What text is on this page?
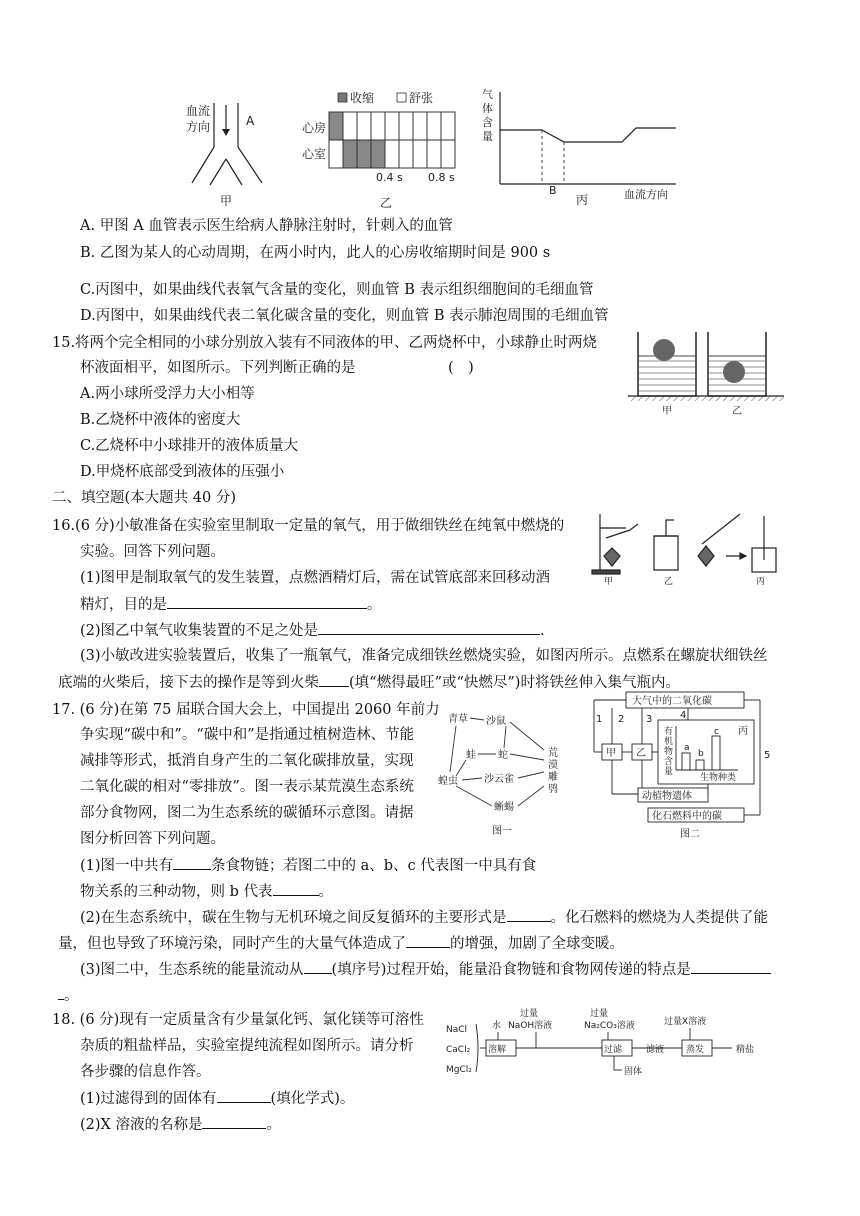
血流
方向	A
甲
收缩	舒张
心房
心室
0.4 s 0.8 s
乙
气
体
含
量
B
丙	血流方向
A. 甲图 A 血管表示医生给病人静脉注射时，针刺入的血管
B. 乙图为某人的心动周期，在两小时内，此人的心房收缩期时间是 900 s
C.丙图中，如果曲线代表氧气含量的变化，则血管 B 表示组织细胞间的毛细血管
D.丙图中，如果曲线代表二氧化碳含量的变化，则血管 B 表示肺泡周围的毛细血管
15.将两个完全相同的小球分别放入装有不同液体的甲、乙两烧杯中，小球静止时两烧
杯液面相平，如图所示。下列判断正确的是	(　)
A.两小球所受浮力大小相等
B.乙烧杯中液体的密度大
C.乙烧杯中小球排开的液体质量大
D.甲烧杯底部受到液体的压强小
甲	乙
二、填空题(本大题共 40 分)
16.(6 分)小敏准备在实验室里制取一定量的氧气，用于做细铁丝在纯氧中燃烧的
实验。回答下列问题。
(1)图甲是制取氧气的发生装置，点燃酒精灯后，需在试管底部来回移动酒
精灯，目的是	。
(2)图乙中氧气收集装置的不足之处是	.
(3)小敏改进实验装置后，收集了一瓶氧气，准备完成细铁丝燃烧实验，如图丙所示。点燃系在螺旋状细铁丝
底端的火柴后，接下去的操作是等到火柴 (填“燃得最旺”或“快燃尽”)时将铁丝伸入集气瓶内。
甲	乙	丙
17. (6 分)在第 75 届联合国大会上，中国提出 2060 年前力
争实现“碳中和”。“碳中和”是指通过植树造林、节能
减排等形式，抵消自身产生的二氧化碳排放量，实现
二氧化碳的相对“零排放”。图一表示某荒漠生态系统
部分食物网，图二为生态系统的碳循环示意图。请据
图分析回答下列问题。
(1)图一中共有	条食物链；若图二中的 a、b、c 代表图一中具有食
物关系的三种动物，则 b 代表	。
(2)在生态系统中，碳在生物与无机环境之间反复循环的主要形式是	。化石燃料的燃烧为人类提供了能
量，但也导致了环境污染，同时产生的大量气体造成了	的增强，加剧了全球变暖。
(3)图二中，生态系统的能量流动从 (填序号)过程开始，能量沿食物链和食物网传递的特点是
。
青草 沙鼠
蛙 蛇
蝗虫	沙云雀
蜥蜴
荒
漠
雕
鸮
图一
大气中的二氧化碳
甲 乙
丙
1 2 3	4
5
有
机
物
含
量
a
b
c
生物种类
动植物遗体
化石燃料中的碳
图二
18. (6 分)现有一定质量含有少量氯化钙、氯化镁等可溶性
杂质的粗盐样品，实验室提纯流程如图所示。请分析
各步骤的信息作答。
(1)过滤得到的固体有	(填化学式)。
(2)X 溶液的名称是	。
NaCl
CaCl₂
MgCl₂
水
过量
NaOH溶液
过量
Na₂CO₃溶液	过量X溶液
溶解	过滤	滤液 蒸发	精盐
固体
